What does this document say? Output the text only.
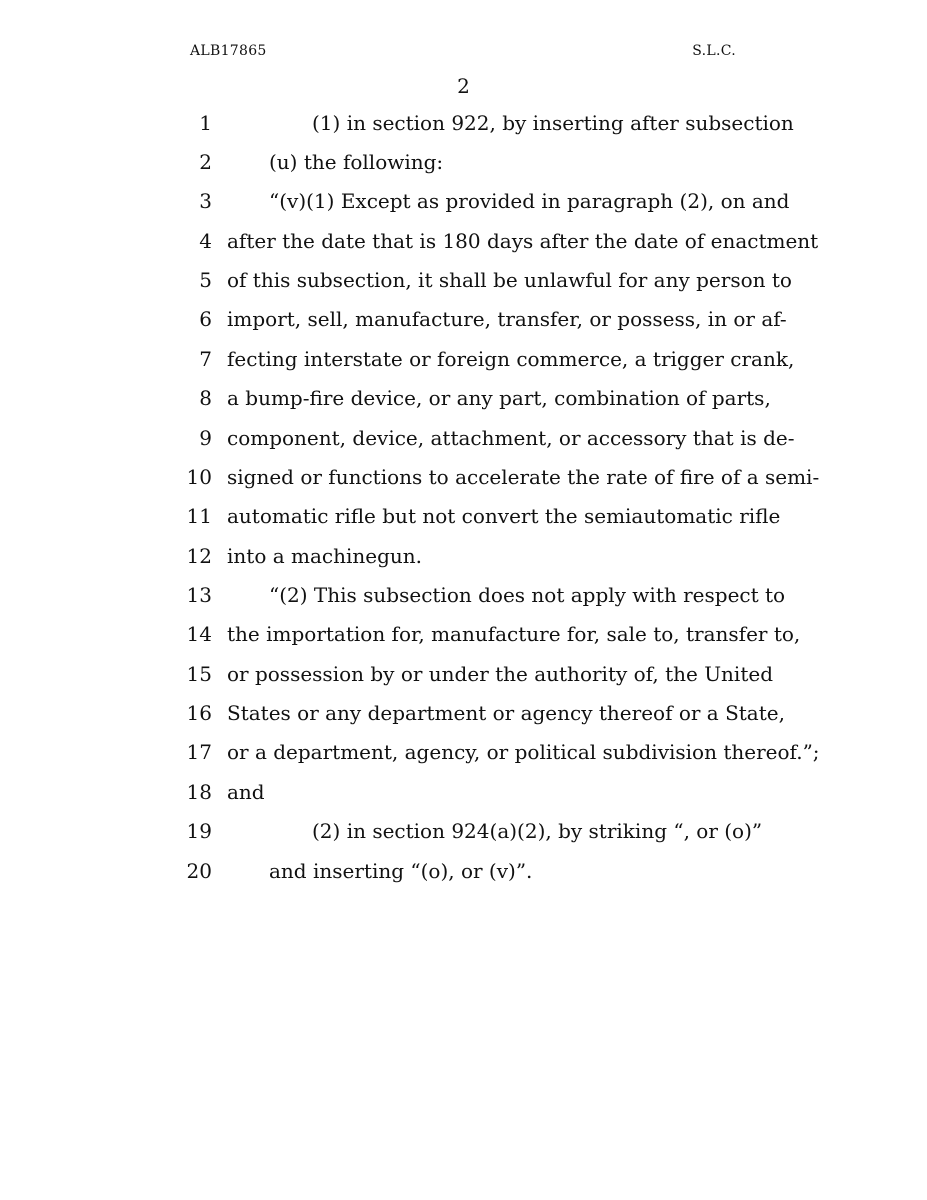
ALB17865	S.L.C.
2
1	(1) in section 922, by inserting after subsection
2	(u) the following:
3	“(v)(1) Except as provided in paragraph (2), on and
4 after the date that is 180 days after the date of enactment
5 of this subsection, it shall be unlawful for any person to
6 import, sell, manufacture, transfer, or possess, in or af-
7 fecting interstate or foreign commerce, a trigger crank,
8 a bump-fire device, or any part, combination of parts,
9 component, device, attachment, or accessory that is de-
10 signed or functions to accelerate the rate of fire of a semi-
11 automatic rifle but not convert the semiautomatic rifle
12 into a machinegun.
13	“(2) This subsection does not apply with respect to
14 the importation for, manufacture for, sale to, transfer to,
15 or possession by or under the authority of, the United
16 States or any department or agency thereof or a State,
17 or a department, agency, or political subdivision thereof.”;
18 and
19	(2) in section 924(a)(2), by striking “, or (o)”
20	and inserting “(o), or (v)”.
